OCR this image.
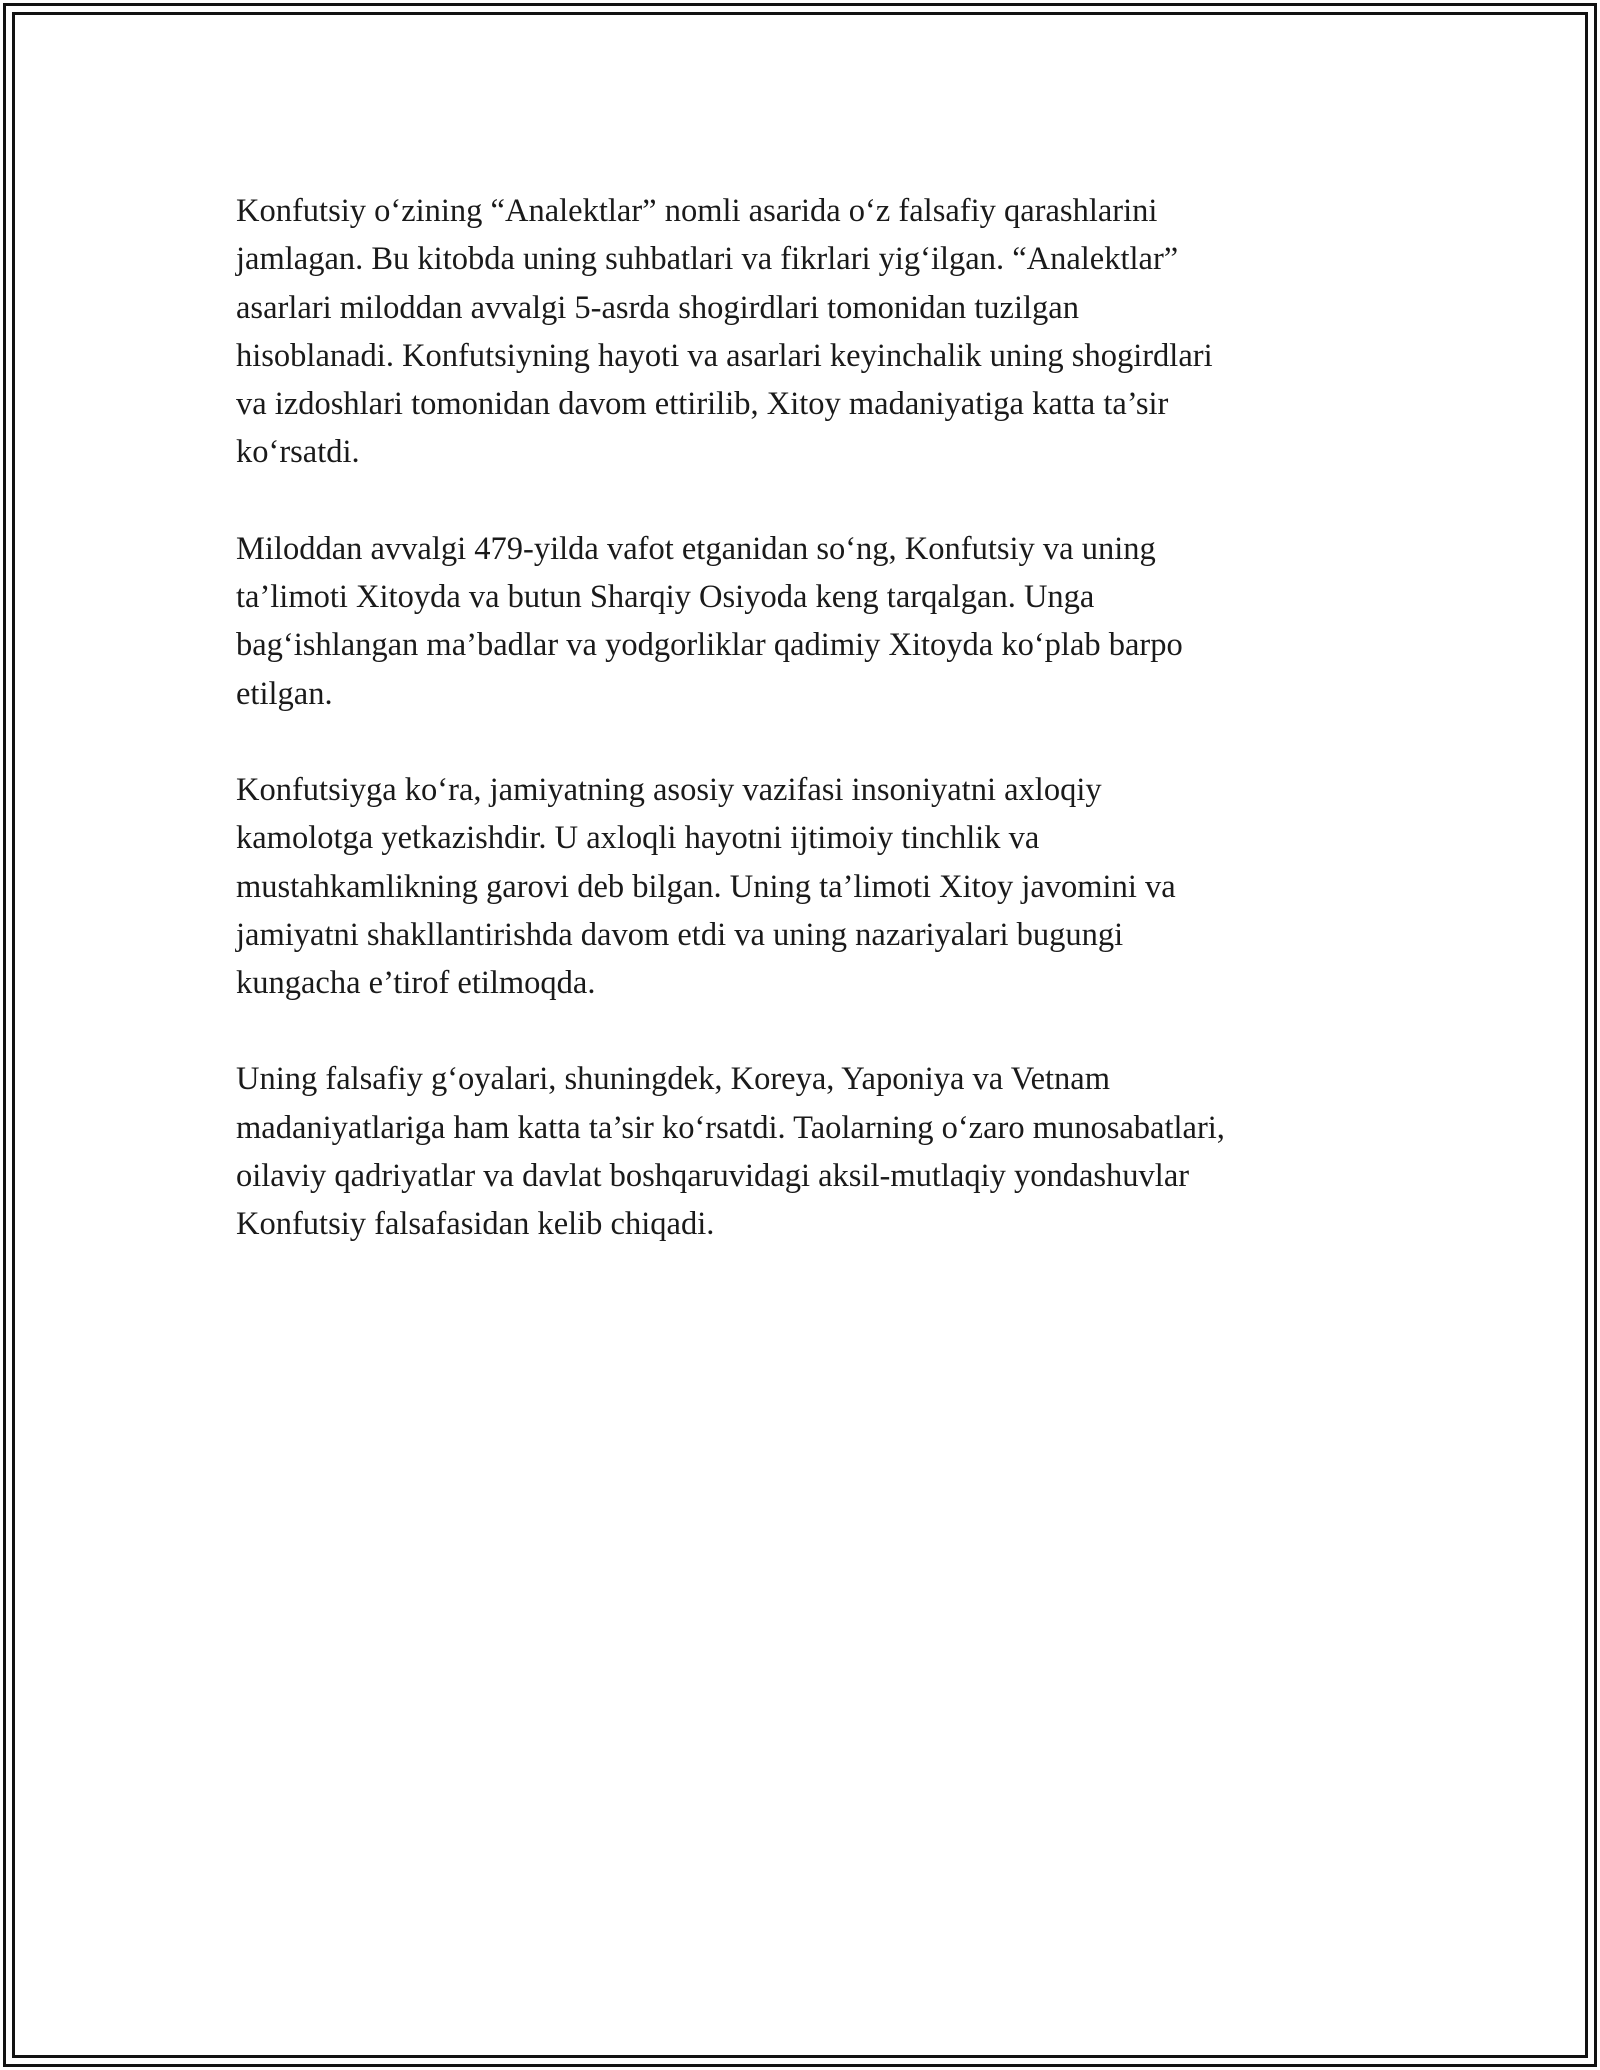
Konfutsiy o‘zining “Analektlar” nomli asarida o‘z falsafiy qarashlarini
jamlagan. Bu kitobda uning suhbatlari va fikrlari yig‘ilgan. “Analektlar”
asarlari miloddan avvalgi 5-asrda shogirdlari tomonidan tuzilgan
hisoblanadi. Konfutsiyning hayoti va asarlari keyinchalik uning shogirdlari
va izdoshlari tomonidan davom ettirilib, Xitoy madaniyatiga katta ta’sir
ko‘rsatdi.

Miloddan avvalgi 479-yilda vafot etganidan so‘ng, Konfutsiy va uning
ta’limoti Xitoyda va butun Sharqiy Osiyoda keng tarqalgan. Unga
bag‘ishlangan ma’badlar va yodgorliklar qadimiy Xitoyda ko‘plab barpo
etilgan.

Konfutsiyga ko‘ra, jamiyatning asosiy vazifasi insoniyatni axloqiy
kamolotga yetkazishdir. U axloqli hayotni ijtimoiy tinchlik va
mustahkamlikning garovi deb bilgan. Uning ta’limoti Xitoy javomini va
jamiyatni shakllantirishda davom etdi va uning nazariyalari bugungi
kungacha e’tirof etilmoqda.

Uning falsafiy g‘oyalari, shuningdek, Koreya, Yaponiya va Vetnam
madaniyatlariga ham katta ta’sir ko‘rsatdi. Taolarning o‘zaro munosabatlari,
oilaviy qadriyatlar va davlat boshqaruvidagi aksil-mutlaqiy yondashuvlar
Konfutsiy falsafasidan kelib chiqadi.
